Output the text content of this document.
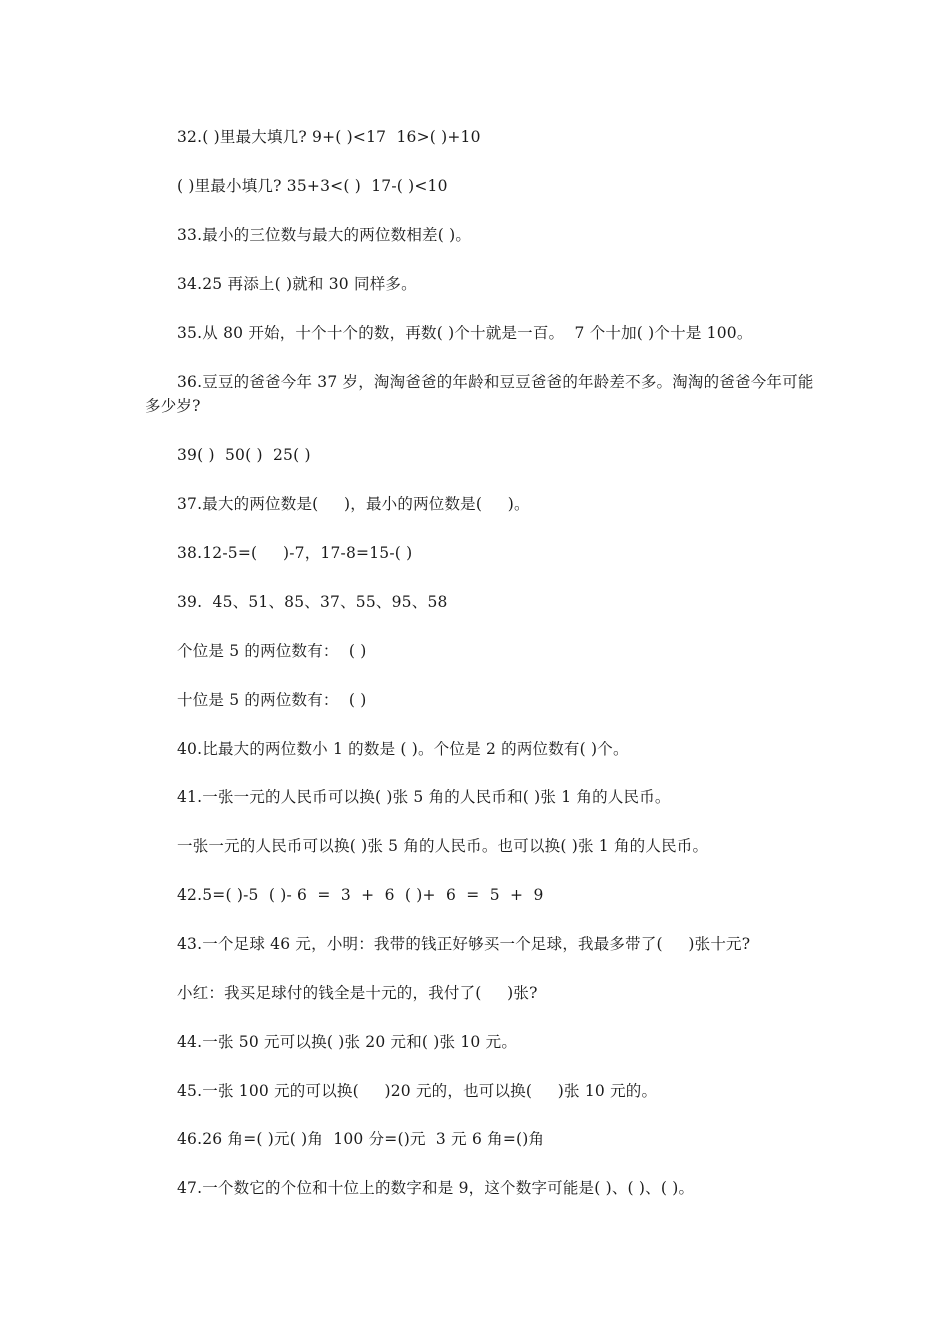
32.( )里最大填几? 9+( )<17  16>( )+10
( )里最小填几? 35+3<( )  17-( )<10
33.最小的三位数与最大的两位数相差( )。
34.25 再添上( )就和 30 同样多。
35.从 80 开始，十个十个的数，再数( )个十就是一百。  7 个十加( )个十是 100。
36.豆豆的爸爸今年 37 岁，淘淘爸爸的年龄和豆豆爸爸的年龄差不多。淘淘的爸爸今年可能多少岁?
39( )  50( )  25( )
37.最大的两位数是(     )，最小的两位数是(     )。
38.12-5=(     )-7，17-8=15-( )
39.  45、51、85、37、55、95、58
个位是 5 的两位数有：  ( )
十位是 5 的两位数有：  ( )
40.比最大的两位数小 1 的数是 ( )。个位是 2 的两位数有( )个。
41.一张一元的人民币可以换( )张 5 角的人民币和( )张 1 角的人民币。
一张一元的人民币可以换( )张 5 角的人民币。也可以换( )张 1 角的人民币。
42.5=( )-5  ( )- 6  =  3  +  6  ( )+  6  =  5  +  9
43.一个足球 46 元，小明：我带的钱正好够买一个足球，我最多带了(     )张十元?
小红：我买足球付的钱全是十元的，我付了(     )张?
44.一张 50 元可以换( )张 20 元和( )张 10 元。
45.一张 100 元的可以换(     )20 元的，也可以换(     )张 10 元的。
46.26 角=( )元( )角  100 分=()元  3 元 6 角=()角
47.一个数它的个位和十位上的数字和是 9，这个数字可能是( )、( )、( )。
